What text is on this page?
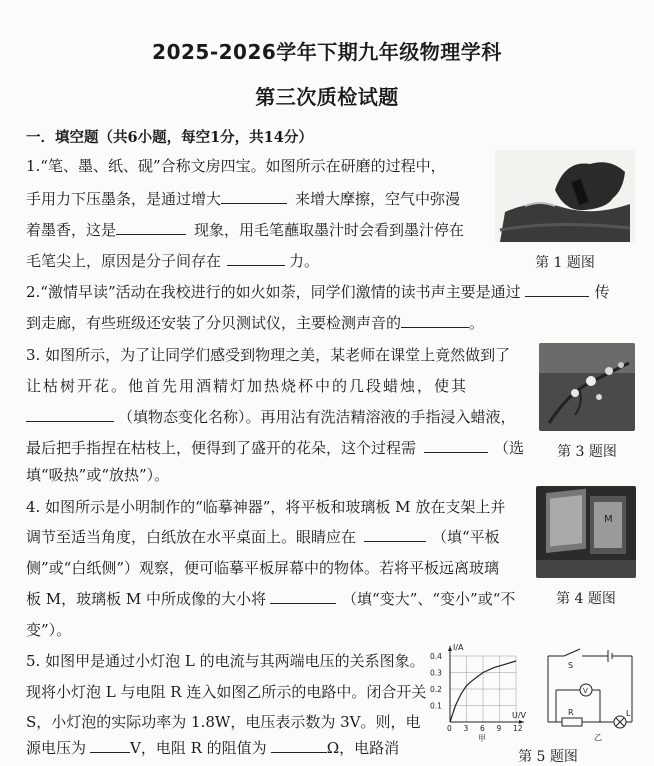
2025-2026学年下期九年级物理学科
第三次质检试题
一．填空题（共6小题，每空1分，共14分）
1.“笔、墨、纸、砚”合称文房四宝。如图所示在研磨的过程中，
手用力下压墨条，是通过增大	来增大摩擦，空气中弥漫
着墨香，这是	现象，用毛笔蘸取墨汁时会看到墨汁停在
毛笔尖上，原因是分子间存在	力。	第 1 题图
2.“激情早读”活动在我校进行的如火如荼，同学们激情的读书声主要是通过	传
到走廊，有些班级还安装了分贝测试仪，主要检测声音的	。
3. 如图所示，为了让同学们感受到物理之美，某老师在课堂上竟然做到了
让枯树开花。他首先用酒精灯加热烧杯中的几段蜡烛，使其
（填物态变化名称）。再用沾有洗洁精溶液的手指浸入蜡液，
最后把手指捏在枯枝上，便得到了盛开的花朵，这个过程需	（选
填“吸热”或“放热”）。
第 3 题图
4. 如图所示是小明制作的“临摹神器”，将平板和玻璃板 M 放在支架上并
调节至适当角度，白纸放在水平桌面上。眼睛应在	（填“平板
侧”或“白纸侧”）观察，便可临摹平板屏幕中的物体。若将平板远离玻璃
板 M，玻璃板 M 中所成像的大小将	（填“变大”、“变小”或“不
变”）。
M
第 4 题图
5. 如图甲是通过小灯泡 L 的电流与其两端电压的关系图象。
现将小灯泡 L 与电阻 R 连入如图乙所示的电路中。闭合开关
S，小灯泡的实际功率为 1.8W，电压表示数为 3V。则，电
源电压为	V，电阻 R 的阻值为	Ω，电路消
I/A
U/V
0.4
0.3
0.2
0.1
0 3 6 9 12
甲
S
V
R	L
乙
第 5 题图
